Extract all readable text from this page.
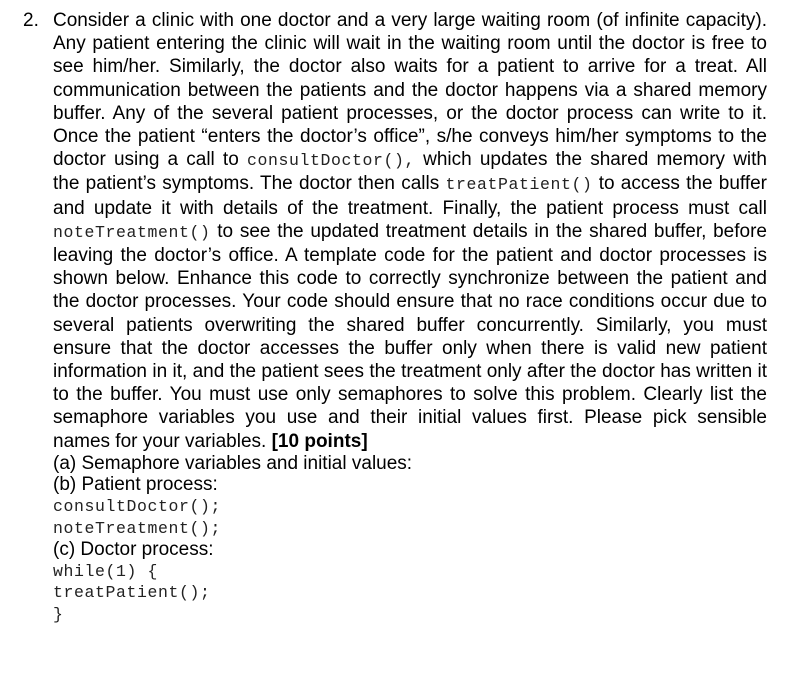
2. Consider a clinic with one doctor and a very large waiting room (of infinite capacity). Any patient entering the clinic will wait in the waiting room until the doctor is free to see him/her. Similarly, the doctor also waits for a patient to arrive for a treat. All communication between the patients and the doctor happens via a shared memory buffer. Any of the several patient processes, or the doctor process can write to it. Once the patient “enters the doctor’s office”, s/he conveys him/her symptoms to the doctor using a call to consultDoctor(), which updates the shared memory with the patient’s symptoms. The doctor then calls treatPatient() to access the buffer and update it with details of the treatment. Finally, the patient process must call noteTreatment() to see the updated treatment details in the shared buffer, before leaving the doctor’s office. A template code for the patient and doctor processes is shown below. Enhance this code to correctly synchronize between the patient and the doctor processes. Your code should ensure that no race conditions occur due to several patients overwriting the shared buffer concurrently. Similarly, you must ensure that the doctor accesses the buffer only when there is valid new patient information in it, and the patient sees the treatment only after the doctor has written it to the buffer. You must use only semaphores to solve this problem. Clearly list the semaphore variables you use and their initial values first. Please pick sensible names for your variables. [10 points]

(a) Semaphore variables and initial values:

(b) Patient process:

consultDoctor();

noteTreatment();

(c) Doctor process:

while(1) {

treatPatient();

}
